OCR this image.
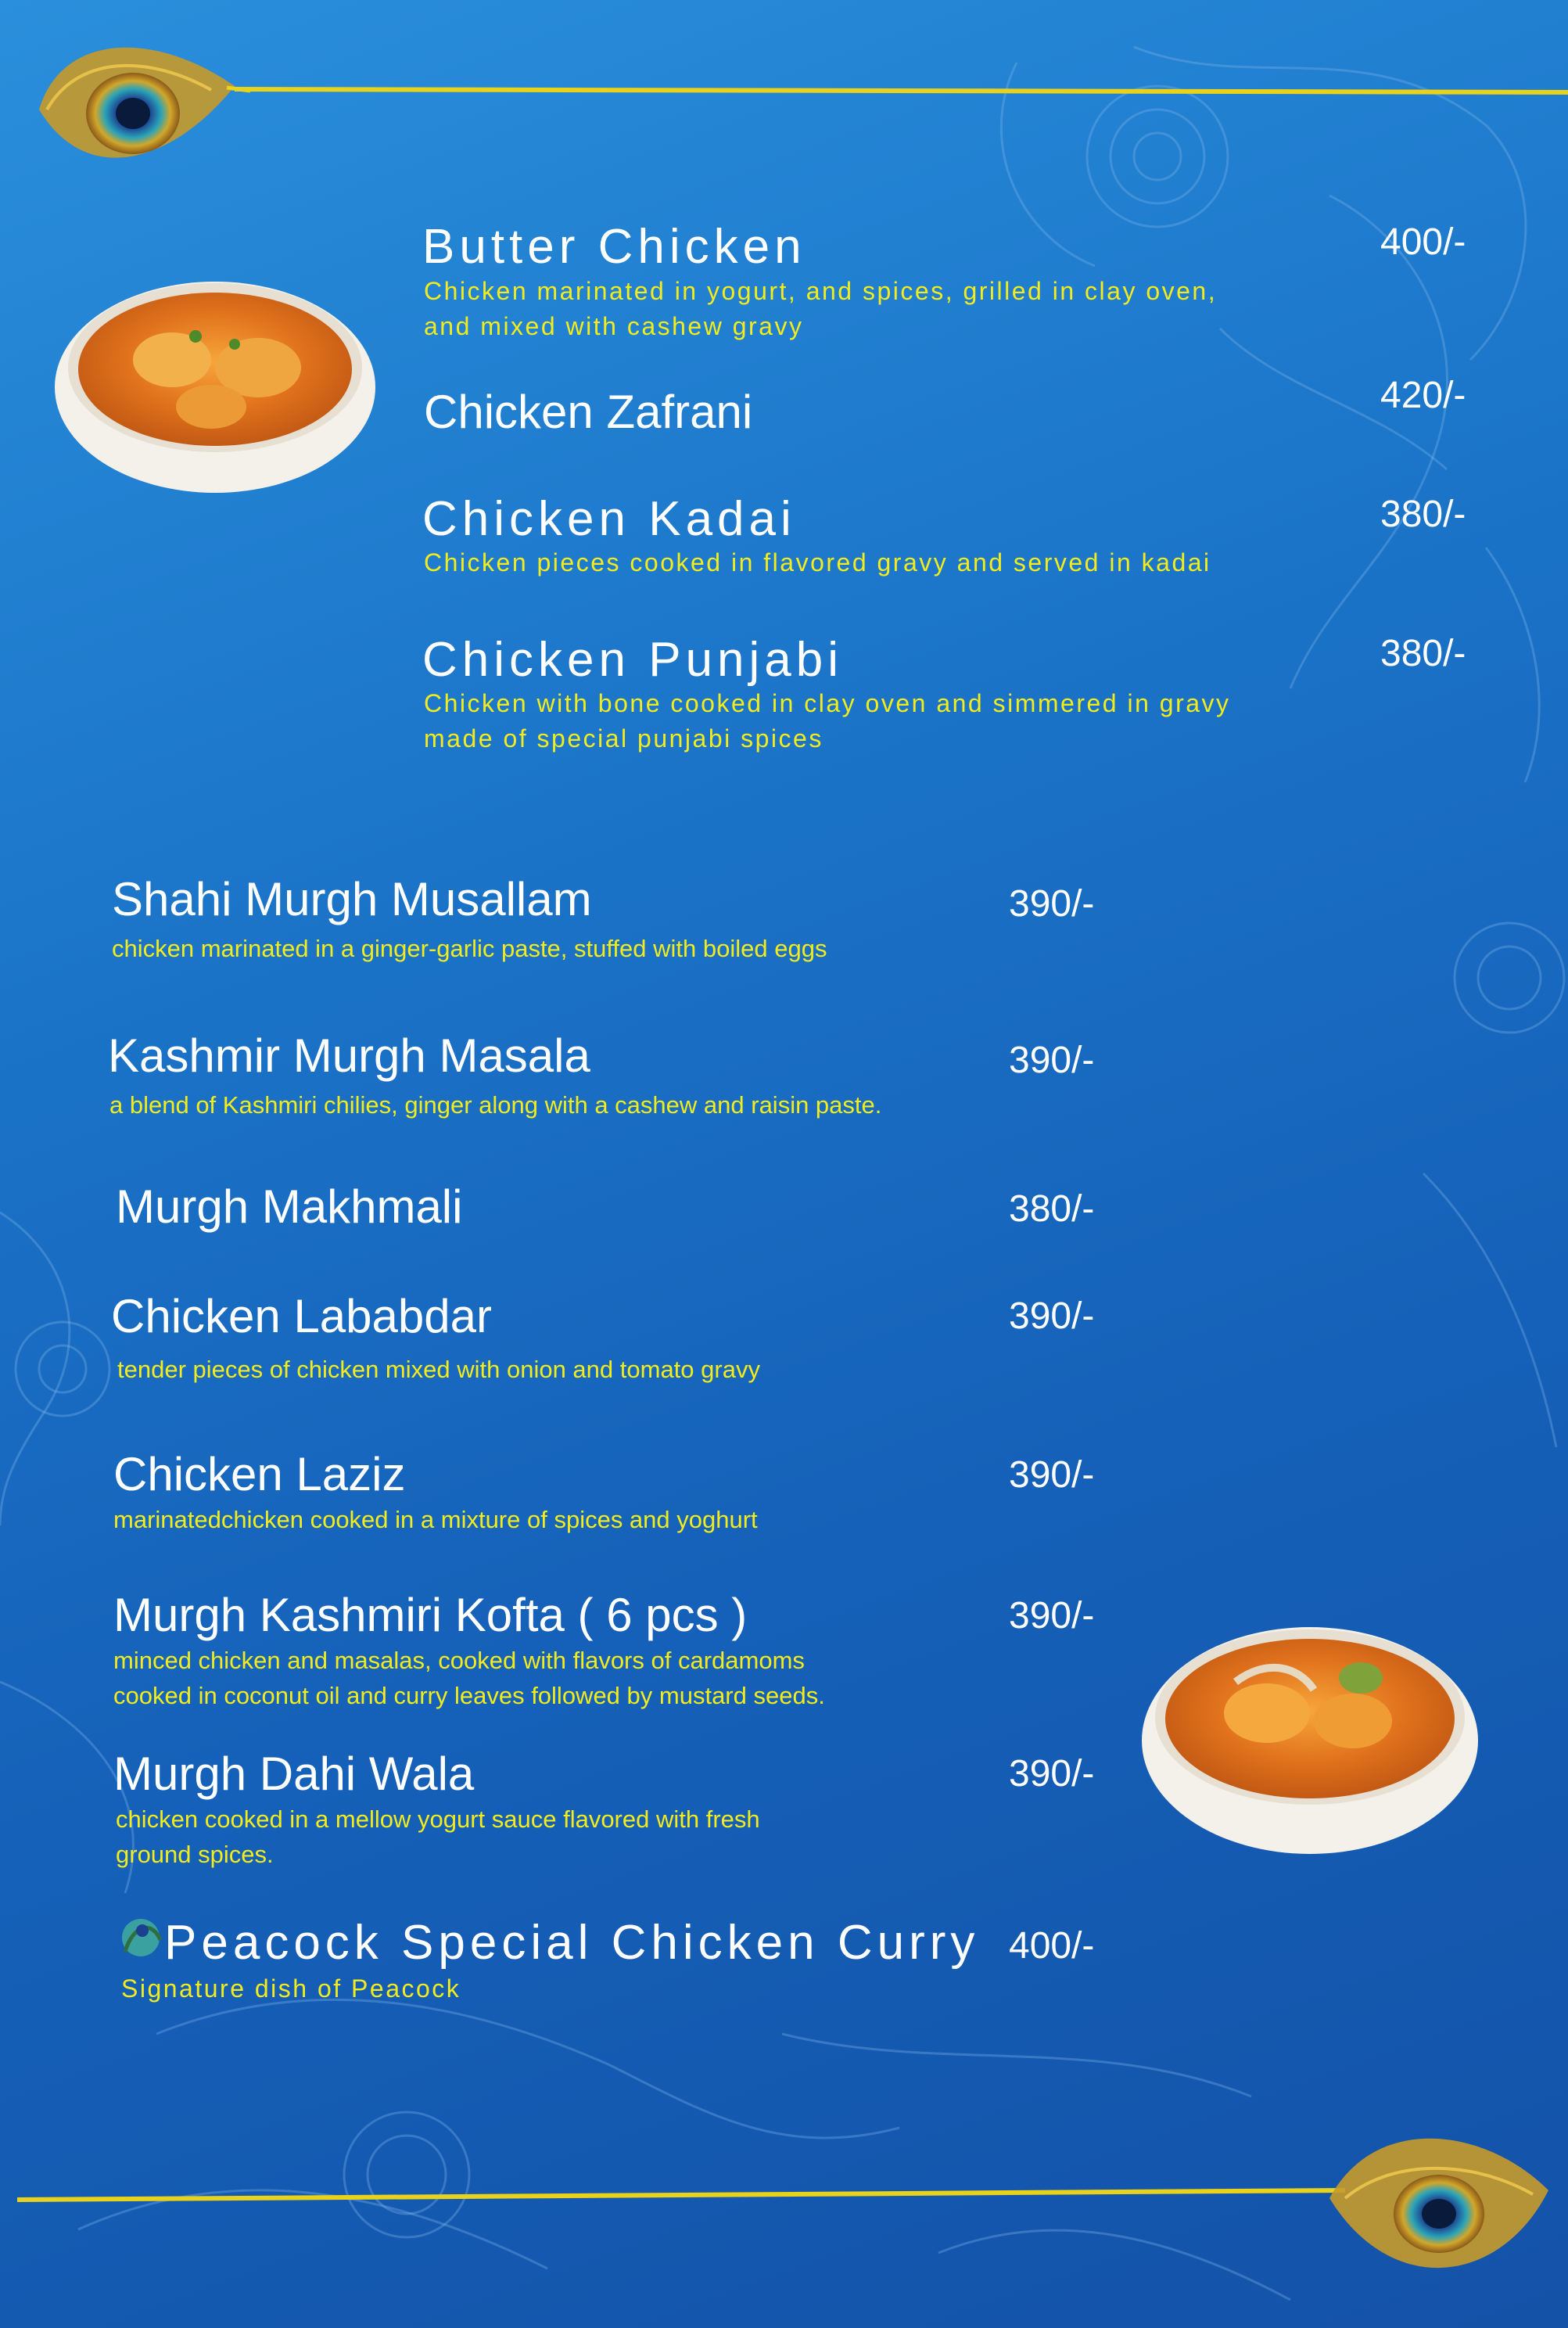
Butter Chicken

Chicken marinated in yogurt, and spices, grilled in clay oven,
and mixed with cashew gravy

400/-
Chicken Zafrani	420/-
Chicken Kadai

Chicken pieces cooked in flavored gravy and served in kadai

380/-
Chicken Punjabi

Chicken with bone cooked in clay oven and simmered in gravy
made of special punjabi spices

380/-
Shahi Murgh Musallam

chicken marinated in a ginger-garlic paste, stuffed with boiled eggs

390/-
Kashmir Murgh Masala

a blend of Kashmiri chilies, ginger along with a cashew and raisin paste.

390/-
Murgh Makhmali	380/-
Chicken Lababdar

tender pieces of chicken mixed with onion and tomato gravy

390/-
Chicken Laziz

marinatedchicken cooked in a mixture of spices and yoghurt

390/-
Murgh Kashmiri Kofta ( 6 pcs )

minced chicken and masalas, cooked with flavors of cardamoms
cooked in coconut oil and curry leaves followed by mustard seeds.

390/-
Murgh Dahi Wala

chicken cooked in a mellow yogurt sauce flavored with fresh
ground spices.

390/-
Peacock Special Chicken Curry

Signature dish of Peacock

400/-
